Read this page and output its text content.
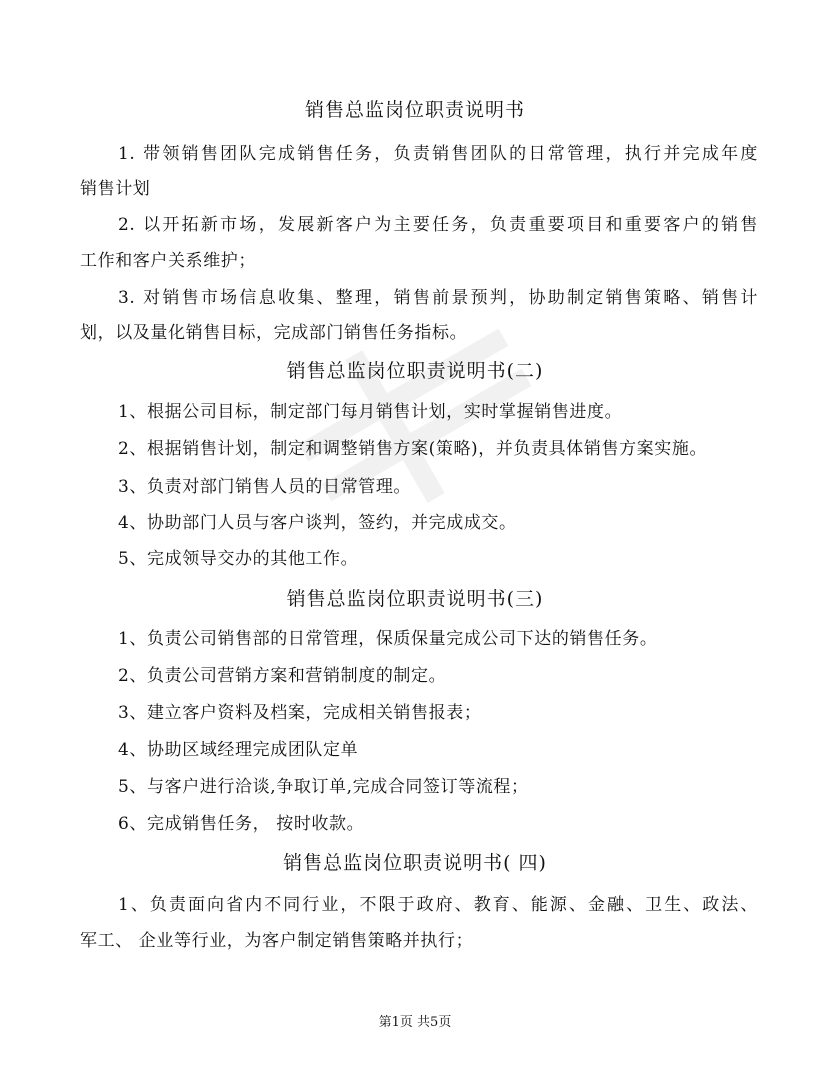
销售总监岗位职责说明书
1. 带领销售团队完成销售任务，负责销售团队的日常管理，执行并完成年度
销售计划
2. 以开拓新市场，发展新客户为主要任务，负责重要项目和重要客户的销售
工作和客户关系维护；
3. 对销售市场信息收集、整理，销售前景预判，协助制定销售策略、销售计
划，以及量化销售目标，完成部门销售任务指标。
销售总监岗位职责说明书(二)
1、根据公司目标，制定部门每月销售计划，实时掌握销售进度。
2、根据销售计划，制定和调整销售方案(策略)，并负责具体销售方案实施。
3、负责对部门销售人员的日常管理。
4、协助部门人员与客户谈判，签约，并完成成交。
5、完成领导交办的其他工作。
销售总监岗位职责说明书(三)
1、负责公司销售部的日常管理，保质保量完成公司下达的销售任务。
2、负责公司营销方案和营销制度的制定。
3、建立客户资料及档案，完成相关销售报表；
4、协助区域经理完成团队定单
5、与客户进行洽谈,争取订单,完成合同签订等流程；
6、完成销售任务， 按时收款。
销售总监岗位职责说明书( 四)
1、负责面向省内不同行业，不限于政府、教育、能源、金融、卫生、政法、
军工、 企业等行业，为客户制定销售策略并执行；
第1页 共5页
